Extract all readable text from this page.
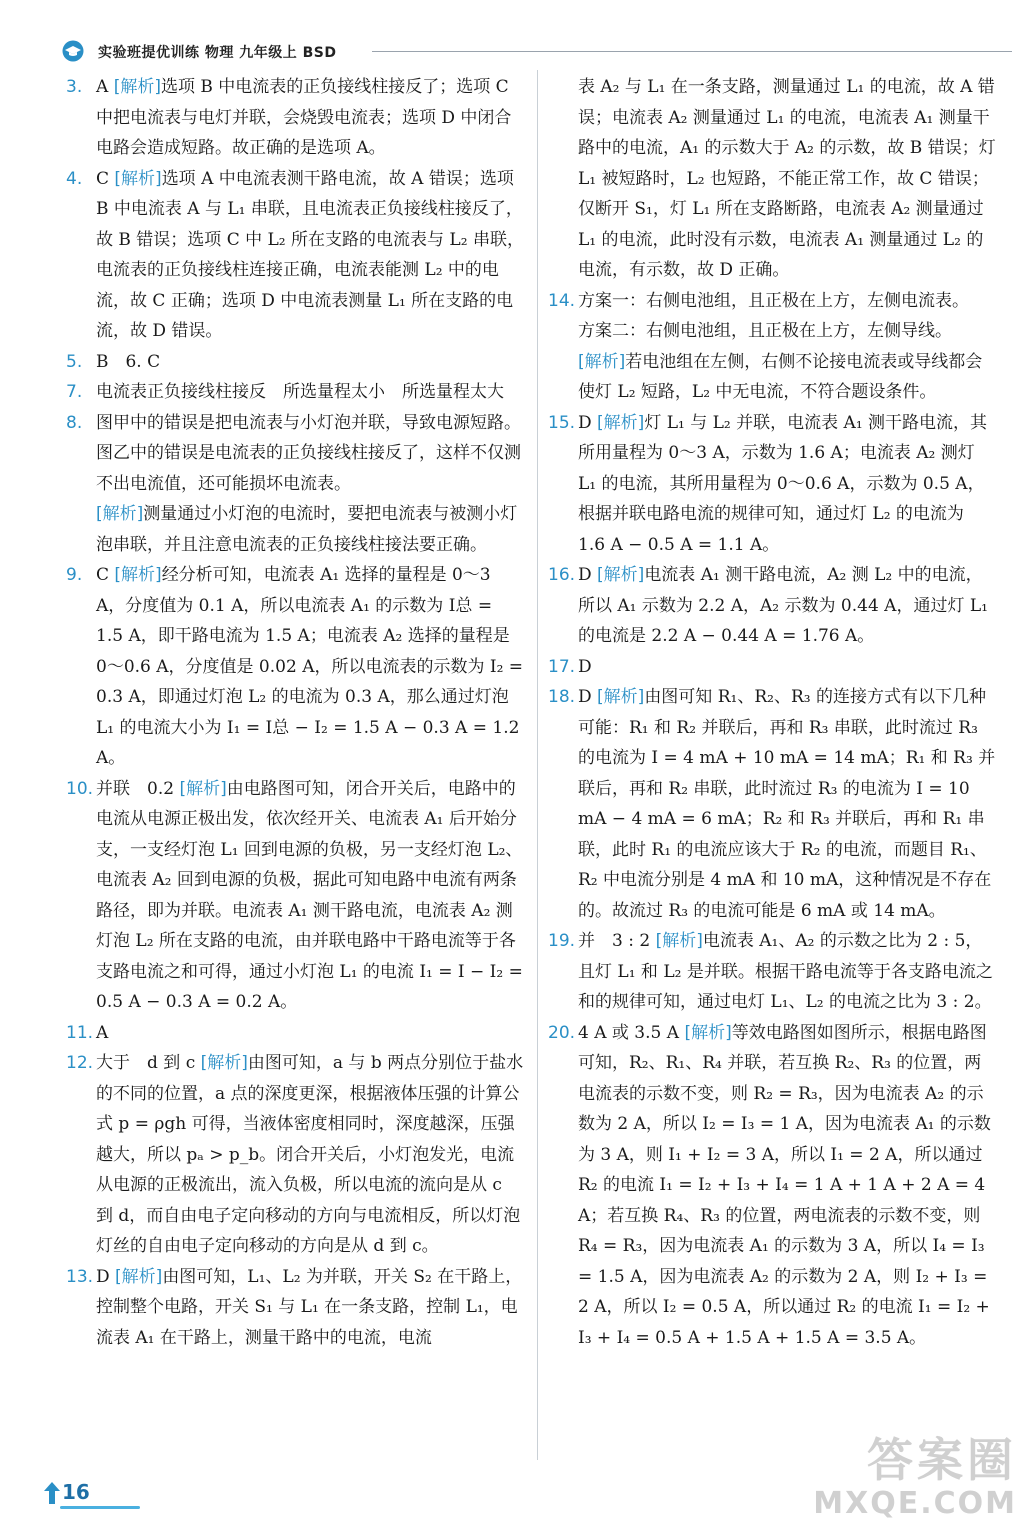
实验班提优训练 物理 九年级上 BSD
3. A [解析]选项 B 中电流表的正负接线柱接反了；选项 C 中把电流表与电灯并联，会烧毁电流表；选项 D 中闭合电路会造成短路。故正确的是选项 A。
4. C [解析]选项 A 中电流表测干路电流，故 A 错误；选项 B 中电流表 A 与 L₁ 串联，且电流表正负接线柱接反了，故 B 错误；选项 C 中 L₂ 所在支路的电流表与 L₂ 串联，电流表的正负接线柱连接正确，电流表能测 L₂ 中的电流，故 C 正确；选项 D 中电流表测量 L₁ 所在支路的电流，故 D 错误。
5. B　6. C
7. 电流表正负接线柱接反　所选量程太小　所选量程太大
8. 图甲中的错误是把电流表与小灯泡并联，导致电源短路。图乙中的错误是电流表的正负接线柱接反了，这样不仅测不出电流值，还可能损坏电流表。
[解析]测量通过小灯泡的电流时，要把电流表与被测小灯泡串联，并且注意电流表的正负接线柱接法要正确。
9. C [解析]经分析可知，电流表 A₁ 选择的量程是 0～3 A，分度值为 0.1 A，所以电流表 A₁ 的示数为 I总 = 1.5 A，即干路电流为 1.5 A；电流表 A₂ 选择的量程是 0～0.6 A，分度值是 0.02 A，所以电流表的示数为 I₂ = 0.3 A，即通过灯泡 L₂ 的电流为 0.3 A，那么通过灯泡 L₁ 的电流大小为 I₁ = I总 − I₂ = 1.5 A − 0.3 A = 1.2 A。
10. 并联　0.2 [解析]由电路图可知，闭合开关后，电路中的电流从电源正极出发，依次经开关、电流表 A₁ 后开始分支，一支经灯泡 L₁ 回到电源的负极，另一支经灯泡 L₂、电流表 A₂ 回到电源的负极，据此可知电路中电流有两条路径，即为并联。电流表 A₁ 测干路电流，电流表 A₂ 测灯泡 L₂ 所在支路的电流，由并联电路中干路电流等于各支路电流之和可得，通过小灯泡 L₁ 的电流 I₁ = I − I₂ = 0.5 A − 0.3 A = 0.2 A。
11. A
12. 大于　d 到 c [解析]由图可知，a 与 b 两点分别位于盐水的不同的位置，a 点的深度更深，根据液体压强的计算公式 p = ρgh 可得，当液体密度相同时，深度越深，压强越大，所以 pₐ > p_b。闭合开关后，小灯泡发光，电流从电源的正极流出，流入负极，所以电流的流向是从 c 到 d，而自由电子定向移动的方向与电流相反，所以灯泡灯丝的自由电子定向移动的方向是从 d 到 c。
13. D [解析]由图可知，L₁、L₂ 为并联，开关 S₂ 在干路上，控制整个电路，开关 S₁ 与 L₁ 在一条支路，控制 L₁，电流表 A₁ 在干路上，测量干路中的电流，电流
表 A₂ 与 L₁ 在一条支路，测量通过 L₁ 的电流，故 A 错误；电流表 A₂ 测量通过 L₁ 的电流，电流表 A₁ 测量干路中的电流，A₁ 的示数大于 A₂ 的示数，故 B 错误；灯 L₁ 被短路时，L₂ 也短路，不能正常工作，故 C 错误；仅断开 S₁，灯 L₁ 所在支路断路，电流表 A₂ 测量通过 L₁ 的电流，此时没有示数，电流表 A₁ 测量通过 L₂ 的电流，有示数，故 D 正确。
14. 方案一：右侧电池组，且正极在上方，左侧电流表。
方案二：右侧电池组，且正极在上方，左侧导线。
[解析]若电池组在左侧，右侧不论接电流表或导线都会使灯 L₂ 短路，L₂ 中无电流，不符合题设条件。
15. D [解析]灯 L₁ 与 L₂ 并联，电流表 A₁ 测干路电流，其所用量程为 0～3 A，示数为 1.6 A；电流表 A₂ 测灯 L₁ 的电流，其所用量程为 0～0.6 A，示数为 0.5 A，根据并联电路电流的规律可知，通过灯 L₂ 的电流为 1.6 A − 0.5 A = 1.1 A。
16. D [解析]电流表 A₁ 测干路电流，A₂ 测 L₂ 中的电流，所以 A₁ 示数为 2.2 A，A₂ 示数为 0.44 A，通过灯 L₁ 的电流是 2.2 A − 0.44 A = 1.76 A。
17. D
18. D [解析]由图可知 R₁、R₂、R₃ 的连接方式有以下几种可能：R₁ 和 R₂ 并联后，再和 R₃ 串联，此时流过 R₃ 的电流为 I = 4 mA + 10 mA = 14 mA；R₁ 和 R₃ 并联后，再和 R₂ 串联，此时流过 R₃ 的电流为 I = 10 mA − 4 mA = 6 mA；R₂ 和 R₃ 并联后，再和 R₁ 串联，此时 R₁ 的电流应该大于 R₂ 的电流，而题目 R₁、R₂ 中电流分别是 4 mA 和 10 mA，这种情况是不存在的。故流过 R₃ 的电流可能是 6 mA 或 14 mA。
19. 并　3 : 2 [解析]电流表 A₁、A₂ 的示数之比为 2 : 5，且灯 L₁ 和 L₂ 是并联。根据干路电流等于各支路电流之和的规律可知，通过电灯 L₁、L₂ 的电流之比为 3 : 2。
20. 4 A 或 3.5 A [解析]等效电路图如图所示，根据电路图可知，R₂、R₁、R₄ 并联，若互换 R₂、R₃ 的位置，两电流表的示数不变，则 R₂ = R₃，因为电流表 A₂ 的示数为 2 A，所以 I₂ = I₃ = 1 A，因为电流表 A₁ 的示数为 3 A，则 I₁ + I₂ = 3 A，所以 I₁ = 2 A，所以通过 R₂ 的电流 I₁ = I₂ + I₃ + I₄ = 1 A + 1 A + 2 A = 4 A；若互换 R₄、R₃ 的位置，两电流表的示数不变，则 R₄ = R₃，因为电流表 A₁ 的示数为 3 A，所以 I₄ = I₃ = 1.5 A，因为电流表 A₂ 的示数为 2 A，则 I₂ + I₃ = 2 A，所以 I₂ = 0.5 A，所以通过 R₂ 的电流 I₁ = I₂ + I₃ + I₄ = 0.5 A + 1.5 A + 1.5 A = 3.5 A。
16
答案圈
MXQE.COM
